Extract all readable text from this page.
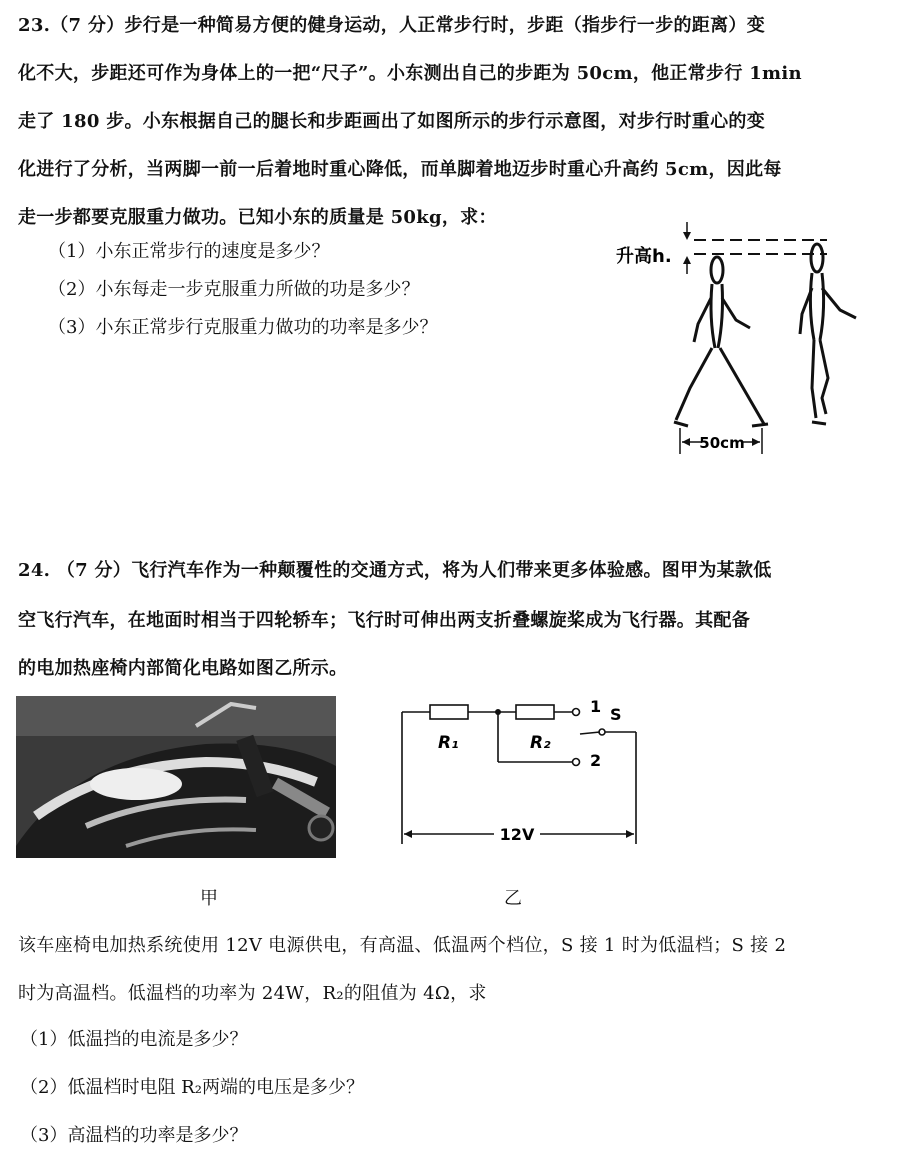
23.（7 分）步行是一种简易方便的健身运动，人正常步行时，步距（指步行一步的距离）变
化不大，步距还可作为身体上的一把“尺子”。小东测出自己的步距为 50cm，他正常步行 1min
走了 180 步。小东根据自己的腿长和步距画出了如图所示的步行示意图，对步行时重心的变
化进行了分析，当两脚一前一后着地时重心降低，而单脚着地迈步时重心升高约 5cm，因此每
走一步都要克服重力做功。已知小东的质量是 50kg，求：
（1）小东正常步行的速度是多少？
（2）小东每走一步克服重力所做的功是多少？
（3）小东正常步行克服重力做功的功率是多少？
升高h.
50cm
24. （7 分）飞行汽车作为一种颠覆性的交通方式，将为人们带来更多体验感。图甲为某款低
空飞行汽车，在地面时相当于四轮轿车；飞行时可伸出两支折叠螺旋桨成为飞行器。其配备
的电加热座椅内部简化电路如图乙所示。
甲
R₁	R₂
1
2
S
12V
乙
该车座椅电加热系统使用 12V 电源供电，有高温、低温两个档位，S 接 1 时为低温档；S 接 2
时为高温档。低温档的功率为 24W，R₂的阻值为 4Ω，求
（1）低温挡的电流是多少？
（2）低温档时电阻 R₂两端的电压是多少？
（3）高温档的功率是多少？
